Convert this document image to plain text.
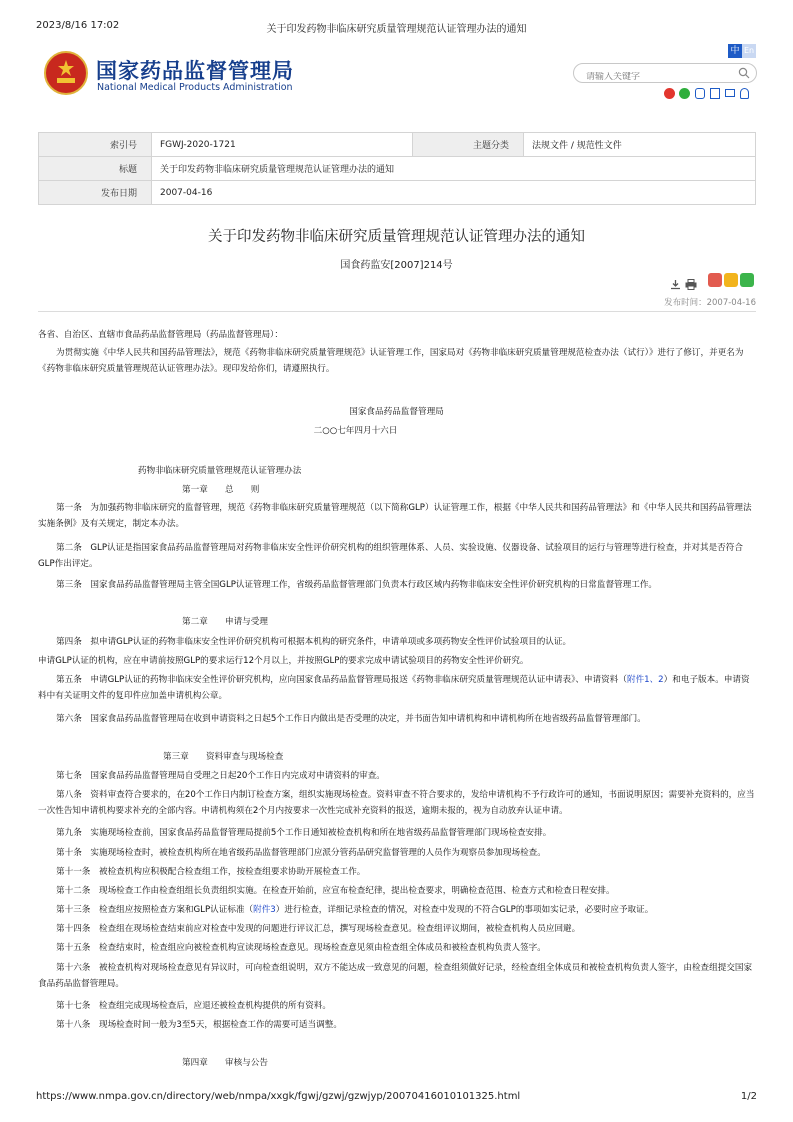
2023/8/16 17:02	关于印发药物非临床研究质量管理规范认证管理办法的通知
国家药品监督管理局
National Medical Products Administration
中 En
请输入关键字
索引号	FGWJ-2020-1721	主题分类	法规文件 / 规范性文件
标题	关于印发药物非临床研究质量管理规范认证管理办法的通知		
发布日期	2007-04-16		
关于印发药物非临床研究质量管理规范认证管理办法的通知
国食药监安[2007]214号
发布时间：2007-04-16
各省、自治区、直辖市食品药品监督管理局（药品监督管理局）：
为贯彻实施《中华人民共和国药品管理法》，规范《药物非临床研究质量管理规范》认证管理工作，国家局对《药物非临床研究质量管理规范检查办法（试行）》进行了修订，并更名为《药物非临床研究质量管理规范认证管理办法》。现印发给你们，请遵照执行。
国家食品药品监督管理局
二○○七年四月十六日
药物非临床研究质量管理规范认证管理办法
第一章　　总　　则
第一条　为加强药物非临床研究的监督管理，规范《药物非临床研究质量管理规范（以下简称GLP）认证管理工作，根据《中华人民共和国药品管理法》和《中华人民共和国药品管理法实施条例》及有关规定，制定本办法。
第二条　GLP认证是指国家食品药品监督管理局对药物非临床安全性评价研究机构的组织管理体系、人员、实验设施、仪器设备、试验项目的运行与管理等进行检查，并对其是否符合GLP作出评定。
第三条　国家食品药品监督管理局主管全国GLP认证管理工作，省级药品监督管理部门负责本行政区域内药物非临床安全性评价研究机构的日常监督管理工作。
第二章　　申请与受理
第四条　拟申请GLP认证的药物非临床安全性评价研究机构可根据本机构的研究条件，申请单项或多项药物安全性评价试验项目的认证。
申请GLP认证的机构，应在申请前按照GLP的要求运行12个月以上，并按照GLP的要求完成申请试验项目的药物安全性评价研究。
第五条　申请GLP认证的药物非临床安全性评价研究机构，应向国家食品药品监督管理局报送《药物非临床研究质量管理规范认证申请表》、申请资料（附件1、2）和电子版本。申请资料中有关证明文件的复印件应加盖申请机构公章。
第六条　国家食品药品监督管理局在收到申请资料之日起5个工作日内做出是否受理的决定，并书面告知申请机构和申请机构所在地省级药品监督管理部门。
第三章　　资料审查与现场检查
第七条　国家食品药品监督管理局自受理之日起20个工作日内完成对申请资料的审查。
第八条　资料审查符合要求的，在20个工作日内制订检查方案，组织实施现场检查。资料审查不符合要求的，发给申请机构不予行政许可的通知，书面说明原因；需要补充资料的，应当一次性告知申请机构要求补充的全部内容。申请机构须在2个月内按要求一次性完成补充资料的报送，逾期未报的，视为自动放弃认证申请。
第九条　实施现场检查前，国家食品药品监督管理局提前5个工作日通知被检查机构和所在地省级药品监督管理部门现场检查安排。
第十条　实施现场检查时，被检查机构所在地省级药品监督管理部门应派分管药品研究监督管理的人员作为观察员参加现场检查。
第十一条　被检查机构应积极配合检查组工作，按检查组要求协助开展检查工作。
第十二条　现场检查工作由检查组组长负责组织实施。在检查开始前，应宣布检查纪律，提出检查要求，明确检查范围、检查方式和检查日程安排。
第十三条　检查组应按照检查方案和GLP认证标准（附件3）进行检查，详细记录检查的情况，对检查中发现的不符合GLP的事项如实记录，必要时应予取证。
第十四条　检查组在现场检查结束前应对检查中发现的问题进行评议汇总，撰写现场检查意见。检查组评议期间，被检查机构人员应回避。
第十五条　检查结束时，检查组应向被检查机构宣读现场检查意见。现场检查意见须由检查组全体成员和被检查机构负责人签字。
第十六条　被检查机构对现场检查意见有异议时，可向检查组说明，双方不能达成一致意见的问题，检查组须做好记录，经检查组全体成员和被检查机构负责人签字，由检查组提交国家食品药品监督管理局。
第十七条　检查组完成现场检查后，应退还被检查机构提供的所有资料。
第十八条　现场检查时间一般为3至5天，根据检查工作的需要可适当调整。
第四章　　审核与公告
https://www.nmpa.gov.cn/directory/web/nmpa/xxgk/fgwj/gzwj/gzwjyp/20070416010101325.html	1/2
